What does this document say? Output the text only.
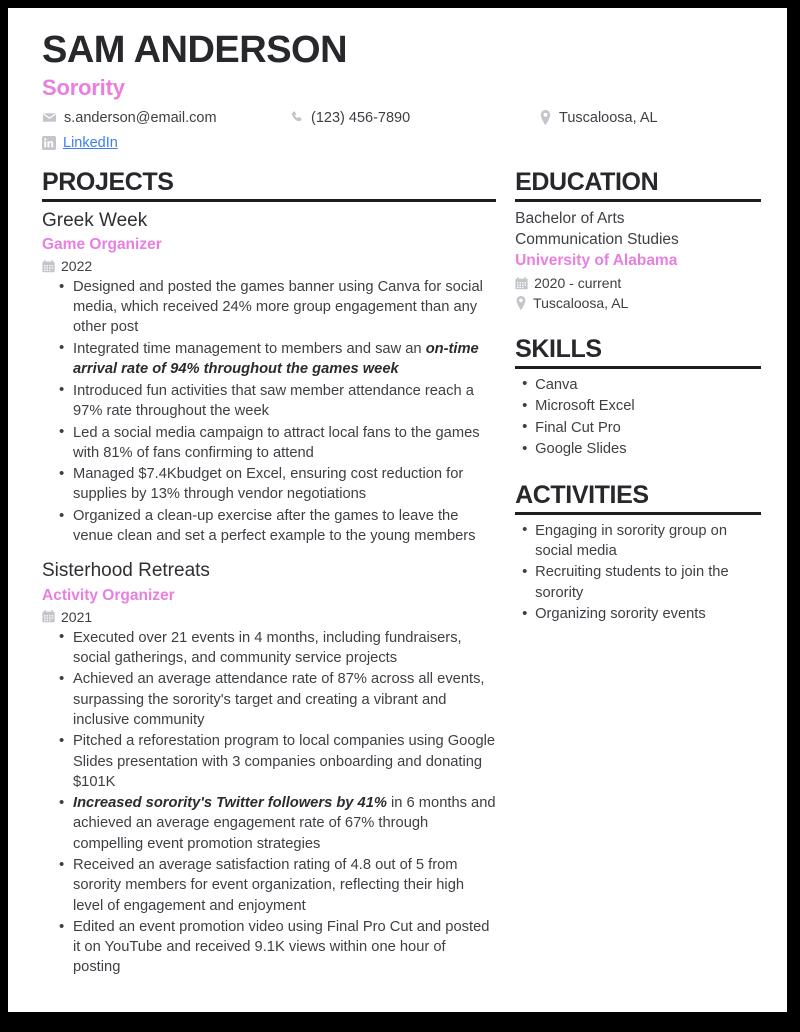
SAM ANDERSON
Sorority
s.anderson@email.com	(123) 456-7890	Tuscaloosa, AL
LinkedIn
PROJECTS
Greek Week
Game Organizer
2022
• Designed and posted the games banner using Canva for social media, which received 24% more group engagement than any other post
• Integrated time management to members and saw an on-time arrival rate of 94% throughout the games week
• Introduced fun activities that saw member attendance reach a 97% rate throughout the week
• Led a social media campaign to attract local fans to the games with 81% of fans confirming to attend
• Managed $7.4Kbudget on Excel, ensuring cost reduction for supplies by 13% through vendor negotiations
• Organized a clean-up exercise after the games to leave the venue clean and set a perfect example to the young members
Sisterhood Retreats
Activity Organizer
2021
• Executed over 21 events in 4 months, including fundraisers, social gatherings, and community service projects
• Achieved an average attendance rate of 87% across all events, surpassing the sorority's target and creating a vibrant and inclusive community
• Pitched a reforestation program to local companies using Google Slides presentation with 3 companies onboarding and donating $101K
• Increased sorority's Twitter followers by 41% in 6 months and achieved an average engagement rate of 67% through compelling event promotion strategies
• Received an average satisfaction rating of 4.8 out of 5 from sorority members for event organization, reflecting their high level of engagement and enjoyment
• Edited an event promotion video using Final Pro Cut and posted it on YouTube and received 9.1K views within one hour of posting
EDUCATION
Bachelor of Arts
Communication Studies
University of Alabama
2020 - current
Tuscaloosa, AL
SKILLS
• Canva
• Microsoft Excel
• Final Cut Pro
• Google Slides
ACTIVITIES
• Engaging in sorority group on social media
• Recruiting students to join the sorority
• Organizing sorority events
